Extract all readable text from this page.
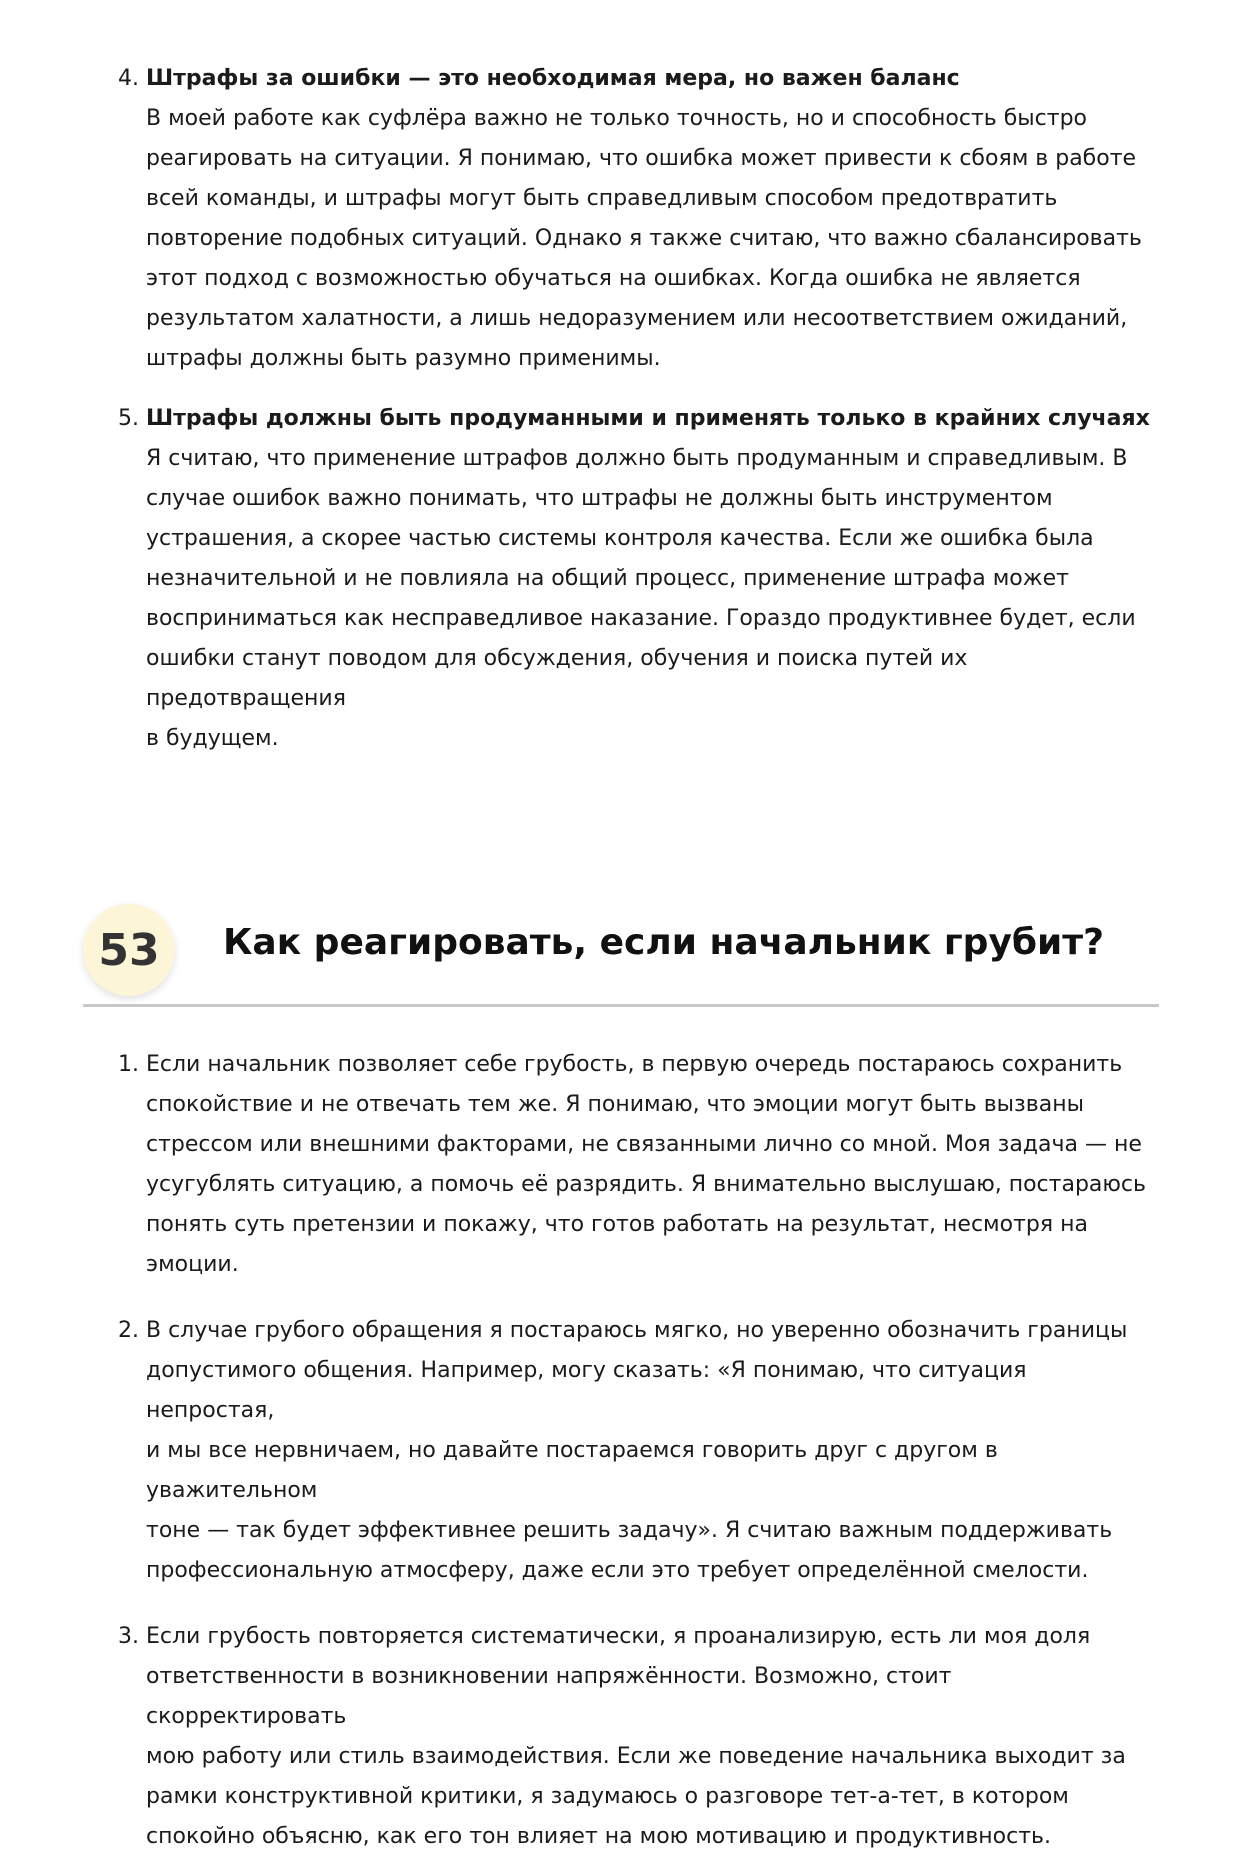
4. Штрафы за ошибки — это необходимая мера, но важен баланс
В моей работе как суфлёра важно не только точность, но и способность быстро
реагировать на ситуации. Я понимаю, что ошибка может привести к сбоям в работе
всей команды, и штрафы могут быть справедливым способом предотвратить
повторение подобных ситуаций. Однако я также считаю, что важно сбалансировать
этот подход с возможностью обучаться на ошибках. Когда ошибка не является
результатом халатности, а лишь недоразумением или несоответствием ожиданий,
штрафы должны быть разумно применимы.
5. Штрафы должны быть продуманными и применять только в крайних случаях
Я считаю, что применение штрафов должно быть продуманным и справедливым. В
случае ошибок важно понимать, что штрафы не должны быть инструментом
устрашения, а скорее частью системы контроля качества. Если же ошибка была
незначительной и не повлияла на общий процесс, применение штрафа может
восприниматься как несправедливое наказание. Гораздо продуктивнее будет, если
ошибки станут поводом для обсуждения, обучения и поиска путей их предотвращения
в будущем.
53	Как реагировать, если начальник грубит?
1. Если начальник позволяет себе грубость, в первую очередь постараюсь сохранить
спокойствие и не отвечать тем же. Я понимаю, что эмоции могут быть вызваны
стрессом или внешними факторами, не связанными лично со мной. Моя задача — не
усугублять ситуацию, а помочь её разрядить. Я внимательно выслушаю, постараюсь
понять суть претензии и покажу, что готов работать на результат, несмотря на эмоции.
2. В случае грубого обращения я постараюсь мягко, но уверенно обозначить границы
допустимого общения. Например, могу сказать: «Я понимаю, что ситуация непростая,
и мы все нервничаем, но давайте постараемся говорить друг с другом в уважительном
тоне — так будет эффективнее решить задачу». Я считаю важным поддерживать
профессиональную атмосферу, даже если это требует определённой смелости.
3. Если грубость повторяется систематически, я проанализирую, есть ли моя доля
ответственности в возникновении напряжённости. Возможно, стоит скорректировать
мою работу или стиль взаимодействия. Если же поведение начальника выходит за
рамки конструктивной критики, я задумаюсь о разговоре тет-а-тет, в котором
спокойно объясню, как его тон влияет на мою мотивацию и продуктивность.
